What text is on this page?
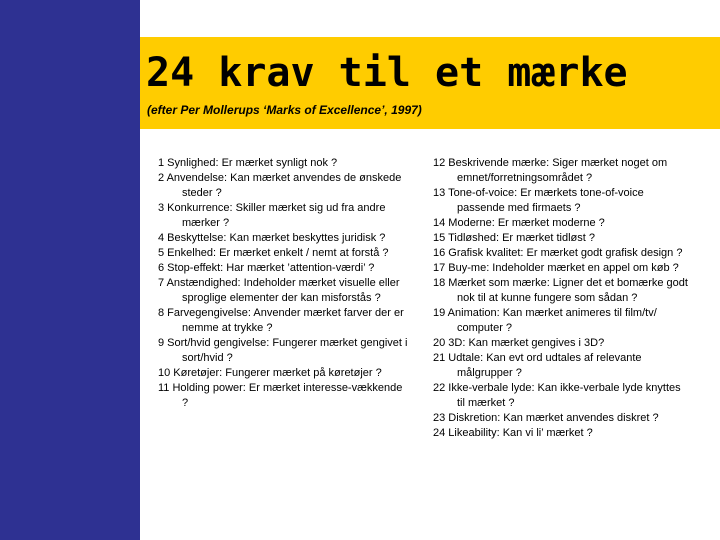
24 krav til et mærke
(efter Per Mollerups ‘Marks of Excellence’, 1997)
1 Synlighed: Er mærket synligt nok ?
2 Anvendelse: Kan mærket anvendes de ønskede steder ?
3 Konkurrence: Skiller mærket sig ud fra andre mærker ?
4 Beskyttelse: Kan mærket beskyttes juridisk ?
5 Enkelhed: Er mærket enkelt / nemt at forstå ?
6 Stop-effekt: Har mærket ’attention-værdi’ ?
7 Anstændighed: Indeholder mærket visuelle eller sproglige elementer der kan misforstås ?
8 Farvegengivelse: Anvender mærket farver der er nemme at trykke ?
9 Sort/hvid gengivelse: Fungerer mærket gengivet i sort/hvid ?
10 Køretøjer: Fungerer mærket på køretøjer ?
11 Holding power: Er mærket interesse-vækkende ?
12 Beskrivende mærke: Siger mærket noget om emnet/forretningsområdet ?
13 Tone-of-voice: Er mærkets tone-of-voice passende med firmaets ?
14 Moderne: Er mærket moderne ?
15 Tidløshed: Er mærket tidløst ?
16 Grafisk kvalitet: Er mærket godt grafisk design ?
17 Buy-me: Indeholder mærket en appel om køb ?
18 Mærket som mærke: Ligner det et bomærke godt nok til at kunne fungere som sådan ?
19 Animation: Kan mærket animeres til film/tv/ computer ?
20 3D: Kan mærket gengives i 3D?
21 Udtale: Kan evt ord udtales af relevante målgrupper ?
22 Ikke-verbale lyde: Kan ikke-verbale lyde knyttes til mærket ?
23 Diskretion: Kan mærket anvendes diskret ?
24 Likeability: Kan vi li’ mærket ?
